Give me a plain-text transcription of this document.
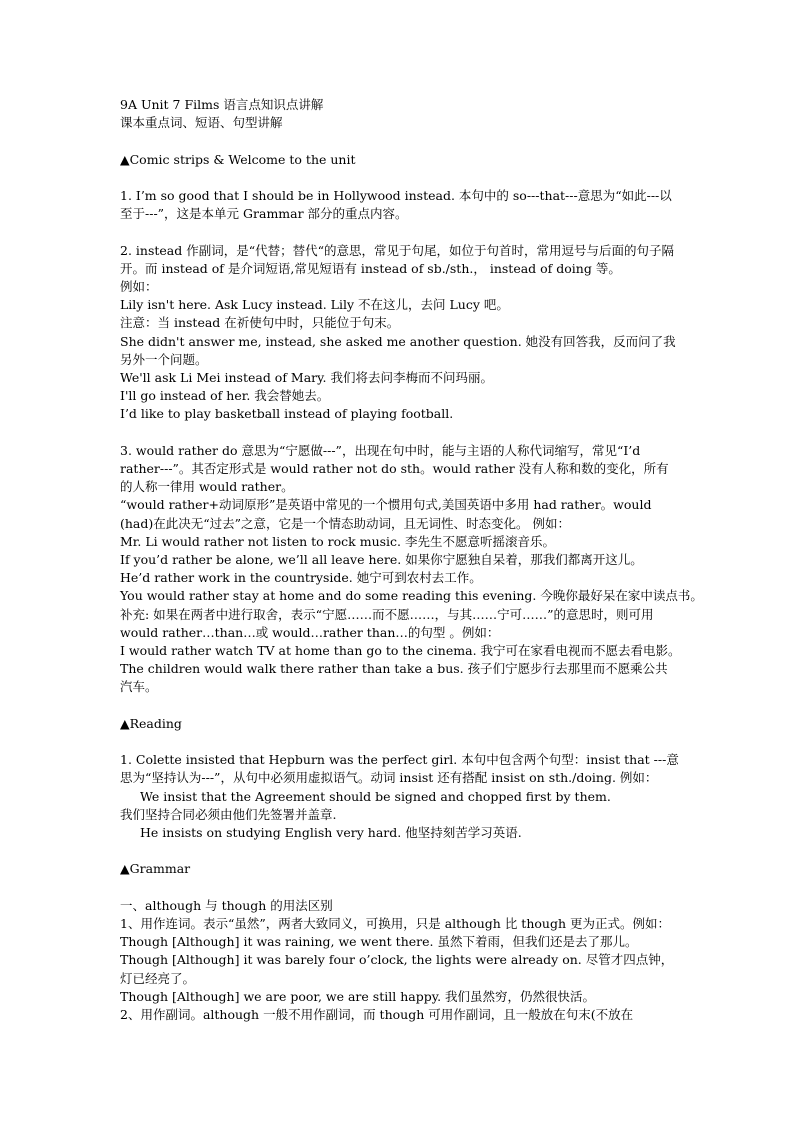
9A Unit 7 Films 语言点知识点讲解
课本重点词、短语、句型讲解
▲Comic strips & Welcome to the unit
1. I’m so good that I should be in Hollywood instead. 本句中的 so---that---意思为“如此---以至于---”，这是本单元 Grammar 部分的重点内容。
2. instead 作副词，是“代替；替代“的意思，常见于句尾，如位于句首时，常用逗号与后面的句子隔开。而 instead of 是介词短语,常见短语有 instead of sb./sth.， instead of doing 等。
例如：
Lily isn't here. Ask Lucy instead. Lily 不在这儿，去问 Lucy 吧。
注意：当 instead 在祈使句中时，只能位于句末。
She didn't answer me, instead, she asked me another question. 她没有回答我，反而问了我另外一个问题。
We'll ask Li Mei instead of Mary. 我们将去问李梅而不问玛丽。
I'll go instead of her. 我会替她去。
I’d like to play basketball instead of playing football.
3. would rather do 意思为“宁愿做---”，出现在句中时，能与主语的人称代词缩写，常见“I’d rather---”。其否定形式是 would rather not do sth。would rather 没有人称和数的变化，所有的人称一律用 would rather。
“would rather+动词原形”是英语中常见的一个惯用句式,美国英语中多用 had rather。would (had)在此决无“过去”之意，它是一个情态助动词，且无词性、时态变化。 例如：
Mr. Li would rather not listen to rock music. 李先生不愿意听摇滚音乐。
If you’d rather be alone, we’ll all leave here. 如果你宁愿独自呆着，那我们都离开这儿。
He’d rather work in the countryside. 她宁可到农村去工作。
You would rather stay at home and do some reading this evening. 今晚你最好呆在家中读点书。
补充: 如果在两者中进行取舍，表示“宁愿……而不愿……，与其……宁可……”的意思时，则可用 would rather…than…或 would…rather than…的句型 。例如：
I would rather watch TV at home than go to the cinema. 我宁可在家看电视而不愿去看电影。
The children would walk there rather than take a bus. 孩子们宁愿步行去那里而不愿乘公共汽车。
▲Reading
1. Colette insisted that Hepburn was the perfect girl. 本句中包含两个句型：insist that ---意思为“坚持认为---”，从句中必须用虚拟语气。动词 insist 还有搭配 insist on sth./doing. 例如：
We insist that the Agreement should be signed and chopped first by them.
我们坚持合同必须由他们先签署并盖章.
He insists on studying English very hard. 他坚持刻苦学习英语.
▲Grammar
一、although 与 though 的用法区别
1、用作连词。表示“虽然”，两者大致同义，可换用，只是 although 比 though 更为正式。例如：
Though [Although] it was raining, we went there. 虽然下着雨，但我们还是去了那儿。
Though [Although] it was barely four o’clock, the lights were already on. 尽管才四点钟，灯已经亮了。
Though [Although] we are poor, we are still happy. 我们虽然穷，仍然很快活。
2、用作副词。although 一般不用作副词，而 though 可用作副词，且一般放在句末(不放在
